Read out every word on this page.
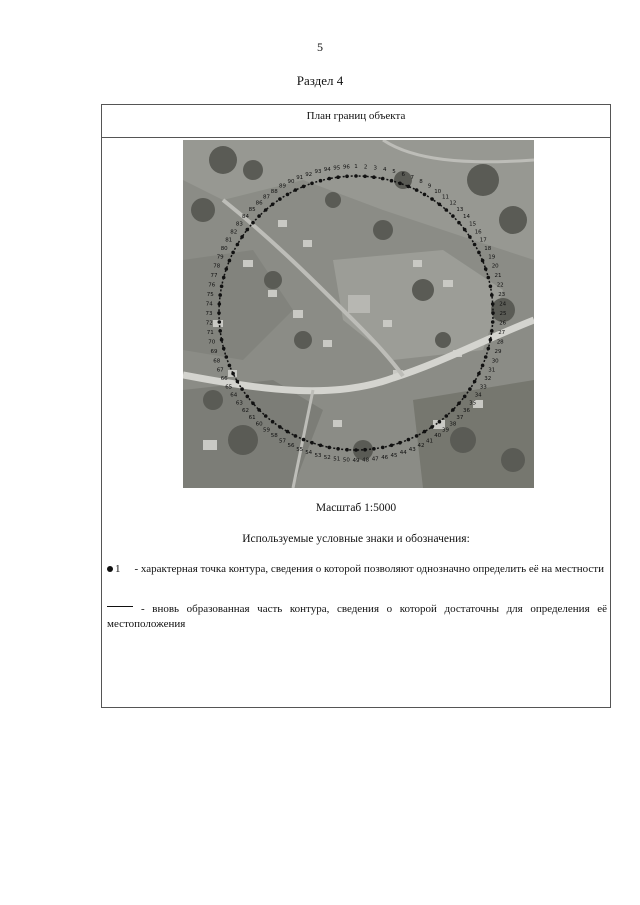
5
Раздел 4
План границ объекта
1 2 3 4 5 6
7
8
9
10
11
12
13
14
15
16
17
18
19
20
21
22
23
24
25
26
27
28
29
30
31
32
33
34
35
36
37
38
39
40
41
42
43
44
45
46
47
48
49
50
51
52
53
54
55
56
57
58
59
60
61
62
63
64
65
66
67
68
69
70
71
72
73
74
75
76
77
78
79
80
81
82
83
84
85
86
87
88
89
90
91
92 93 94 95 96
Масштаб 1:5000
Используемые условные знаки и обозначения:
1 - характерная точка контура, сведения о которой позволяют однозначно определить её на местности
- вновь образованная часть контура, сведения о которой достаточны для определения её местоположения
